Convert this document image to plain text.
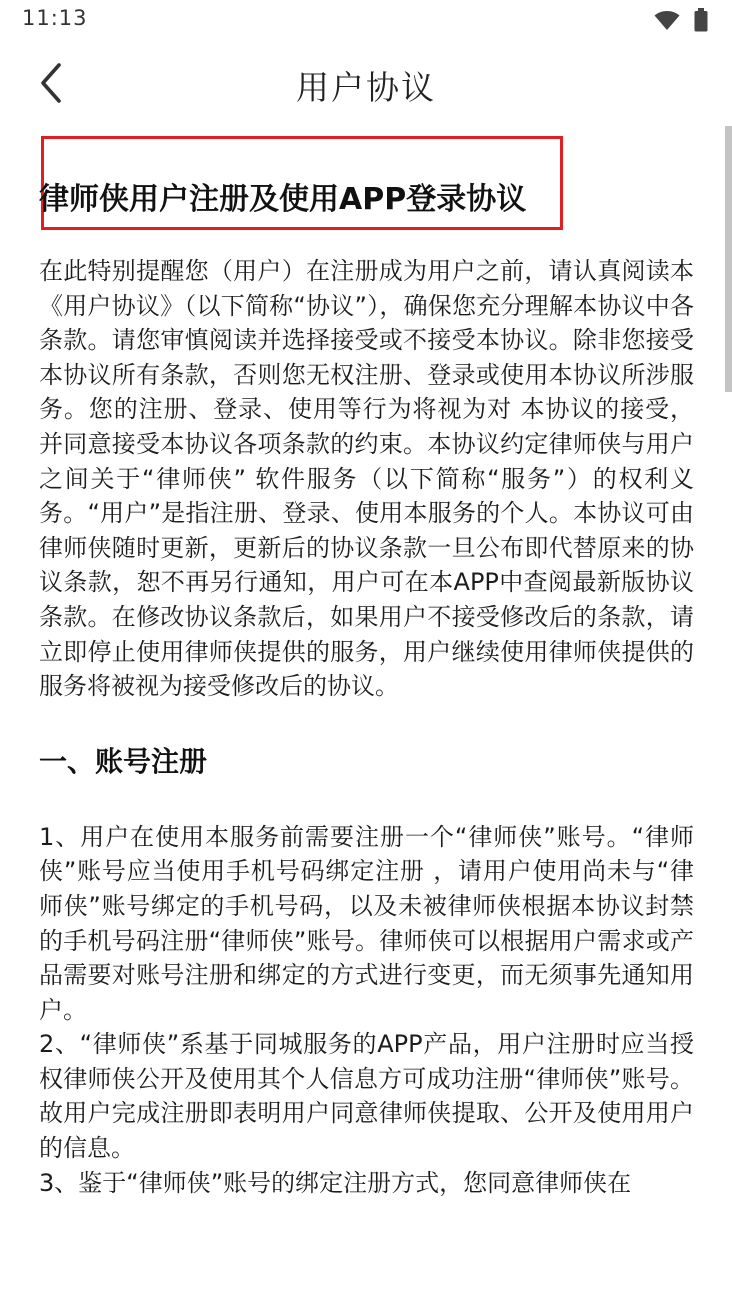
11:13
用户协议
律师侠用户注册及使用APP登录协议

在此特别提醒您（用户）在注册成为用户之前，请认真阅读本《用户协议》（以下简称“协议”），确保您充分理解本协议中各条款。请您审慎阅读并选择接受或不接受本协议。除非您接受本协议所有条款，否则您无权注册、登录或使用本协议所涉服务。您的注册、登录、使用等行为将视为对 本协议的接受，并同意接受本协议各项条款的约束。本协议约定律师侠与用户之间关于“律师侠” 软件服务（以下简称“服务”）的权利义务。“用户”是指注册、登录、使用本服务的个人。本协议可由律师侠随时更新，更新后的协议条款一旦公布即代替原来的协议条款，恕不再另行通知，用户可在本APP中查阅最新版协议条款。在修改协议条款后，如果用户不接受修改后的条款，请立即停止使用律师侠提供的服务，用户继续使用律师侠提供的服务将被视为接受修改后的协议。

一、账号注册

1、用户在使用本服务前需要注册一个“律师侠”账号。“律师侠”账号应当使用手机号码绑定注册 ，请用户使用尚未与“律师侠”账号绑定的手机号码，以及未被律师侠根据本协议封禁的手机号码注册“律师侠”账号。律师侠可以根据用户需求或产品需要对账号注册和绑定的方式进行变更，而无须事先通知用户。

2、“律师侠”系基于同城服务的APP产品，用户注册时应当授权律师侠公开及使用其个人信息方可成功注册“律师侠”账号。故用户完成注册即表明用户同意律师侠提取、公开及使用用户的信息。

3、鉴于“律师侠”账号的绑定注册方式，您同意律师侠在
